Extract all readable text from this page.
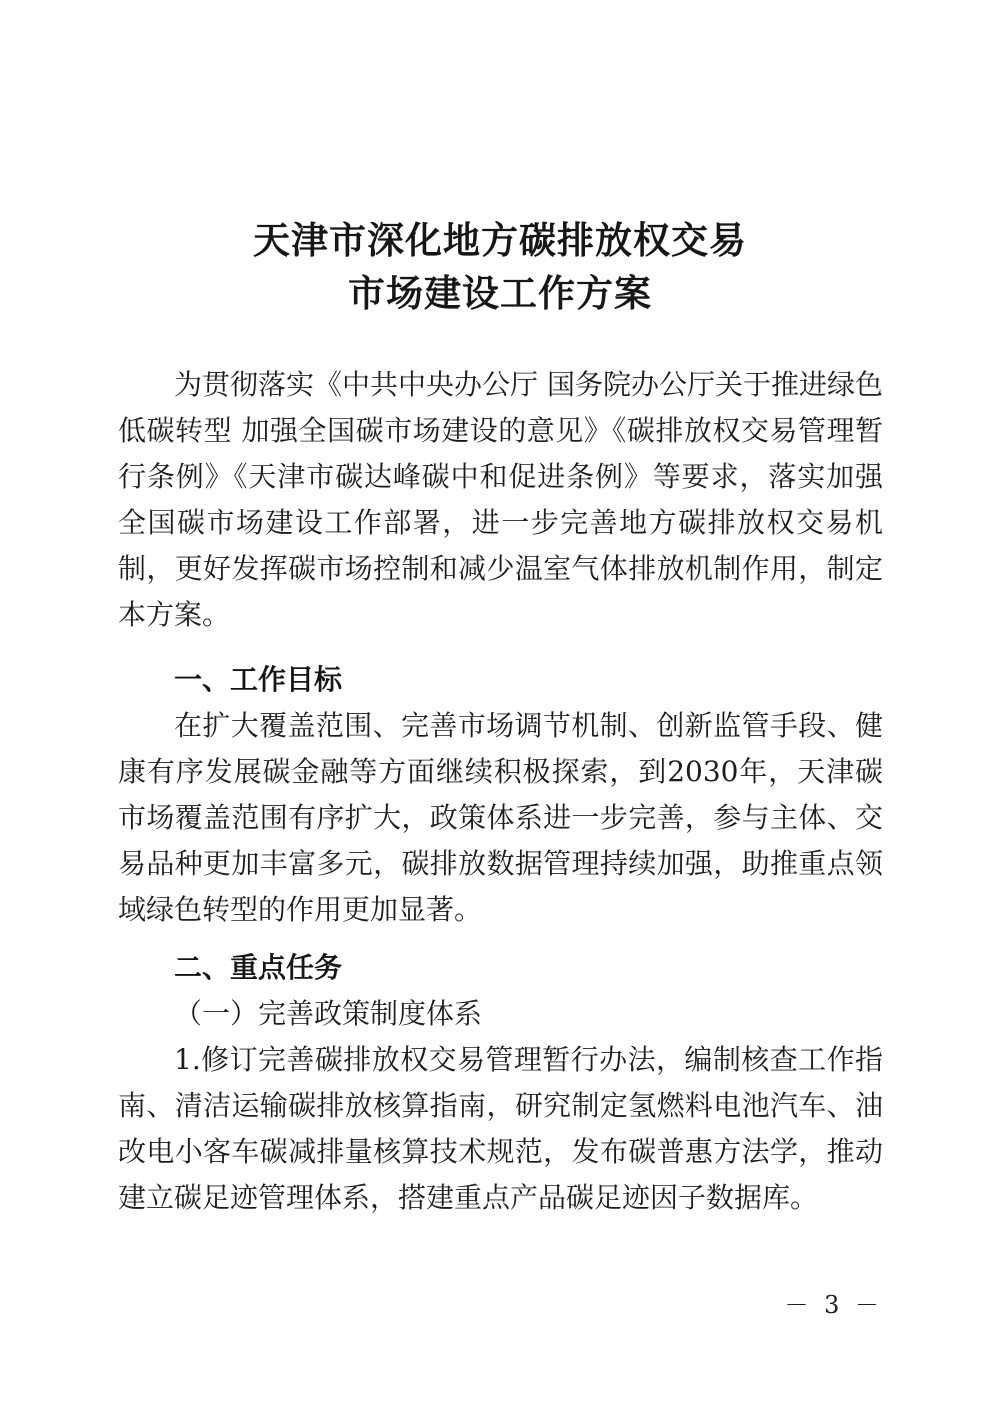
天津市深化地方碳排放权交易
市场建设工作方案
为贯彻落实《中共中央办公厅 国务院办公厅关于推进绿色低碳转型 加强全国碳市场建设的意见》《碳排放权交易管理暂行条例》《天津市碳达峰碳中和促进条例》等要求，落实加强全国碳市场建设工作部署，进一步完善地方碳排放权交易机制，更好发挥碳市场控制和减少温室气体排放机制作用，制定本方案。
一、工作目标
在扩大覆盖范围、完善市场调节机制、创新监管手段、健康有序发展碳金融等方面继续积极探索，到2030年，天津碳市场覆盖范围有序扩大，政策体系进一步完善，参与主体、交易品种更加丰富多元，碳排放数据管理持续加强，助推重点领域绿色转型的作用更加显著。
二、重点任务
（一）完善政策制度体系
1.修订完善碳排放权交易管理暂行办法，编制核查工作指南、清洁运输碳排放核算指南，研究制定氢燃料电池汽车、油改电小客车碳减排量核算技术规范，发布碳普惠方法学，推动建立碳足迹管理体系，搭建重点产品碳足迹因子数据库。
－ 3 －
